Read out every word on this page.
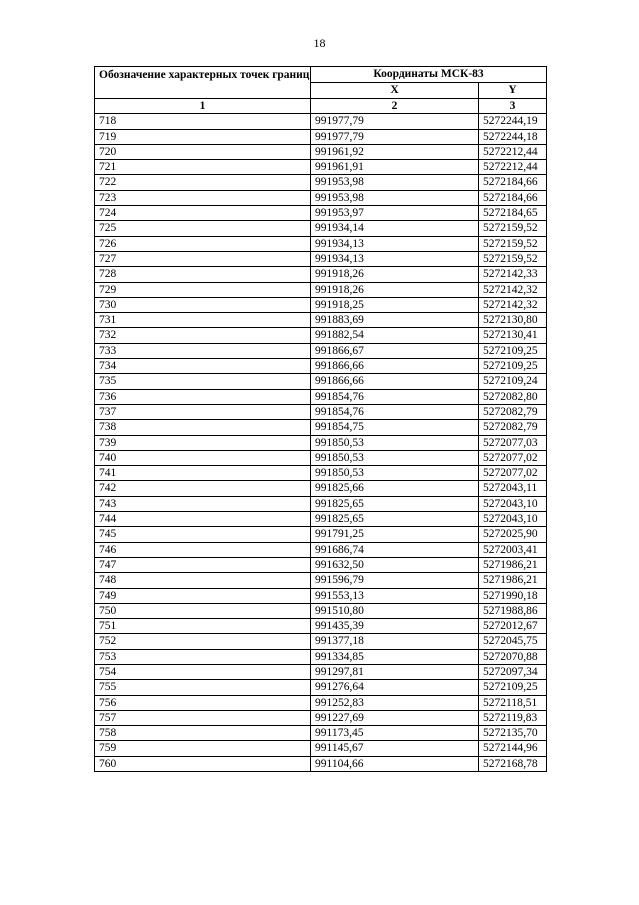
18
Обозначение характерных точек границ	Координаты МСК-83	
	X	Y
1	2	3
718	991977,79	5272244,19
719	991977,79	5272244,18
720	991961,92	5272212,44
721	991961,91	5272212,44
722	991953,98	5272184,66
723	991953,98	5272184,66
724	991953,97	5272184,65
725	991934,14	5272159,52
726	991934,13	5272159,52
727	991934,13	5272159,52
728	991918,26	5272142,33
729	991918,26	5272142,32
730	991918,25	5272142,32
731	991883,69	5272130,80
732	991882,54	5272130,41
733	991866,67	5272109,25
734	991866,66	5272109,25
735	991866,66	5272109,24
736	991854,76	5272082,80
737	991854,76	5272082,79
738	991854,75	5272082,79
739	991850,53	5272077,03
740	991850,53	5272077,02
741	991850,53	5272077,02
742	991825,66	5272043,11
743	991825,65	5272043,10
744	991825,65	5272043,10
745	991791,25	5272025,90
746	991686,74	5272003,41
747	991632,50	5271986,21
748	991596,79	5271986,21
749	991553,13	5271990,18
750	991510,80	5271988,86
751	991435,39	5272012,67
752	991377,18	5272045,75
753	991334,85	5272070,88
754	991297,81	5272097,34
755	991276,64	5272109,25
756	991252,83	5272118,51
757	991227,69	5272119,83
758	991173,45	5272135,70
759	991145,67	5272144,96
760	991104,66	5272168,78
